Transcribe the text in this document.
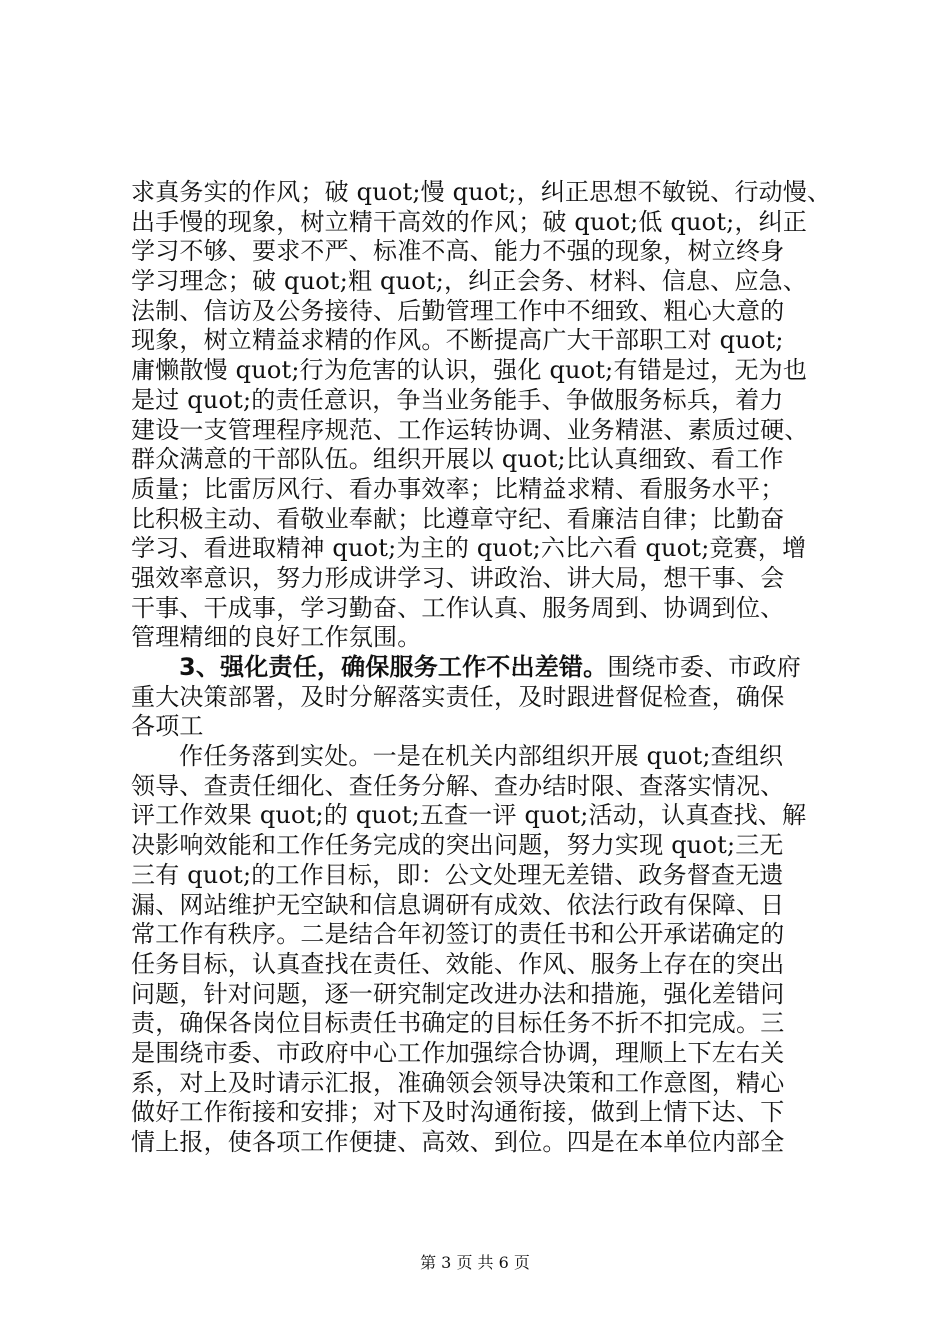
求真务实的作风；破 quot;慢 quot;，纠正思想不敏锐、行动慢、
出手慢的现象，树立精干高效的作风；破 quot;低 quot;，纠正
学习不够、要求不严、标准不高、能力不强的现象，树立终身
学习理念；破 quot;粗 quot;，纠正会务、材料、信息、应急、
法制、信访及公务接待、后勤管理工作中不细致、粗心大意的
现象，树立精益求精的作风。不断提高广大干部职工对 quot;
庸懒散慢 quot;行为危害的认识，强化 quot;有错是过，无为也
是过 quot;的责任意识，争当业务能手、争做服务标兵，着力
建设一支管理程序规范、工作运转协调、业务精湛、素质过硬、
群众满意的干部队伍。组织开展以 quot;比认真细致、看工作
质量；比雷厉风行、看办事效率；比精益求精、看服务水平；
比积极主动、看敬业奉献；比遵章守纪、看廉洁自律；比勤奋
学习、看进取精神 quot;为主的 quot;六比六看 quot;竞赛，增
强效率意识，努力形成讲学习、讲政治、讲大局，想干事、会
干事、干成事，学习勤奋、工作认真、服务周到、协调到位、
管理精细的良好工作氛围。
3、强化责任，确保服务工作不出差错。围绕市委、市政府
重大决策部署，及时分解落实责任，及时跟进督促检查，确保
各项工
作任务落到实处。一是在机关内部组织开展 quot;查组织
领导、查责任细化、查任务分解、查办结时限、查落实情况、
评工作效果 quot;的 quot;五查一评 quot;活动，认真查找、解
决影响效能和工作任务完成的突出问题，努力实现 quot;三无
三有 quot;的工作目标，即：公文处理无差错、政务督查无遗
漏、网站维护无空缺和信息调研有成效、依法行政有保障、日
常工作有秩序。二是结合年初签订的责任书和公开承诺确定的
任务目标，认真查找在责任、效能、作风、服务上存在的突出
问题，针对问题，逐一研究制定改进办法和措施，强化差错问
责，确保各岗位目标责任书确定的目标任务不折不扣完成。三
是围绕市委、市政府中心工作加强综合协调，理顺上下左右关
系，对上及时请示汇报，准确领会领导决策和工作意图，精心
做好工作衔接和安排；对下及时沟通衔接，做到上情下达、下
情上报，使各项工作便捷、高效、到位。四是在本单位内部全
第 3 页 共 6 页
